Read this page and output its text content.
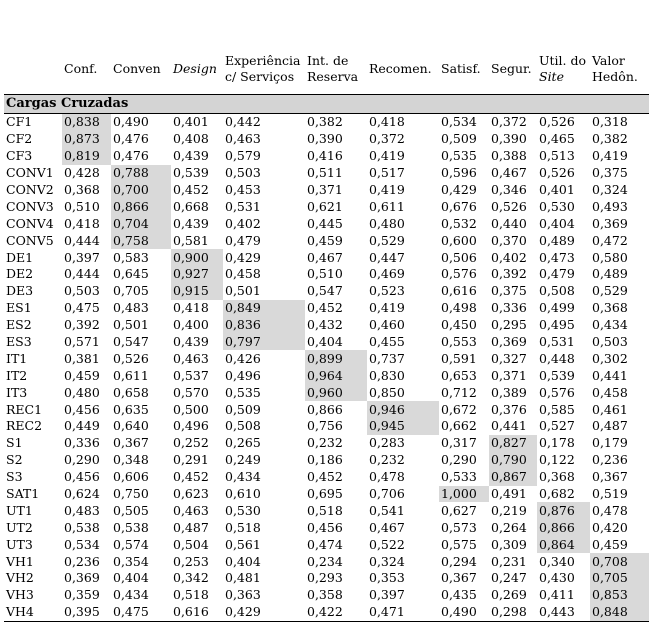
Cargas Cruzadas										
	Conf.	Conven	Design	Experiência c/ Serviços	Int. de Reserva	Recomen.	Satisf.	Segur.	Util. do Site	Valor Hedôn.
CF1	0,838	0,490	0,401	0,442	0,382	0,418	0,534	0,372	0,526	0,318
CF2	0,873	0,476	0,408	0,463	0,390	0,372	0,509	0,390	0,465	0,382
CF3	0,819	0,476	0,439	0,579	0,416	0,419	0,535	0,388	0,513	0,419
CONV1	0,428	0,788	0,539	0,503	0,511	0,517	0,596	0,467	0,526	0,375
CONV2	0,368	0,700	0,452	0,453	0,371	0,419	0,429	0,346	0,401	0,324
CONV3	0,510	0,866	0,668	0,531	0,621	0,611	0,676	0,526	0,530	0,493
CONV4	0,418	0,704	0,439	0,402	0,445	0,480	0,532	0,440	0,404	0,369
CONV5	0,444	0,758	0,581	0,479	0,459	0,529	0,600	0,370	0,489	0,472
DE1	0,397	0,583	0,900	0,429	0,467	0,447	0,506	0,402	0,473	0,580
DE2	0,444	0,645	0,927	0,458	0,510	0,469	0,576	0,392	0,479	0,489
DE3	0,503	0,705	0,915	0,501	0,547	0,523	0,616	0,375	0,508	0,529
ES1	0,475	0,483	0,418	0,849	0,452	0,419	0,498	0,336	0,499	0,368
ES2	0,392	0,501	0,400	0,836	0,432	0,460	0,450	0,295	0,495	0,434
ES3	0,571	0,547	0,439	0,797	0,404	0,455	0,553	0,369	0,531	0,503
IT1	0,381	0,526	0,463	0,426	0,899	0,737	0,591	0,327	0,448	0,302
IT2	0,459	0,611	0,537	0,496	0,964	0,830	0,653	0,371	0,539	0,441
IT3	0,480	0,658	0,570	0,535	0,960	0,850	0,712	0,389	0,576	0,458
REC1	0,456	0,635	0,500	0,509	0,866	0,946	0,672	0,376	0,585	0,461
REC2	0,449	0,640	0,496	0,508	0,756	0,945	0,662	0,441	0,527	0,487
S1	0,336	0,367	0,252	0,265	0,232	0,283	0,317	0,827	0,178	0,179
S2	0,290	0,348	0,291	0,249	0,186	0,232	0,290	0,790	0,122	0,236
S3	0,456	0,606	0,452	0,434	0,452	0,478	0,533	0,867	0,368	0,367
SAT1	0,624	0,750	0,623	0,610	0,695	0,706	1,000	0,491	0,682	0,519
UT1	0,483	0,505	0,463	0,530	0,518	0,541	0,627	0,219	0,876	0,478
UT2	0,538	0,538	0,487	0,518	0,456	0,467	0,573	0,264	0,866	0,420
UT3	0,534	0,574	0,504	0,561	0,474	0,522	0,575	0,309	0,864	0,459
VH1	0,236	0,354	0,253	0,404	0,234	0,324	0,294	0,231	0,340	0,708
VH2	0,369	0,404	0,342	0,481	0,293	0,353	0,367	0,247	0,430	0,705
VH3	0,359	0,434	0,518	0,363	0,358	0,397	0,435	0,269	0,411	0,853
VH4	0,395	0,475	0,616	0,429	0,422	0,471	0,490	0,298	0,443	0,848
